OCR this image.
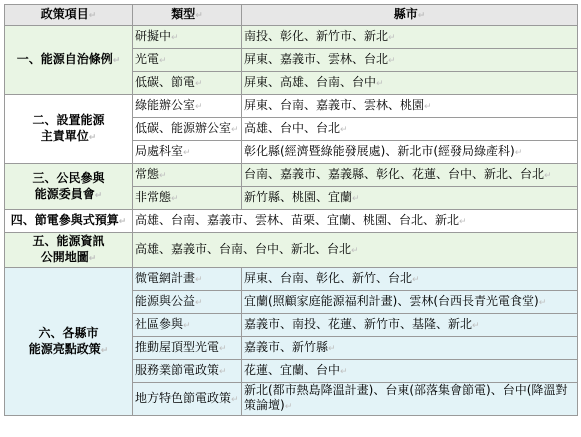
政策項目↵	類型↵	縣市↵
一、能源自治條例↵	研擬中↵	南投、彰化、新竹市、新北↵
	光電↵	屏東、嘉義市、雲林、台北↵
	低碳、節電↵	屏東、高雄、台南、台中↵
二、設置能源
主責單位↵	綠能辦公室↵	屏東、台南、嘉義市、雲林、桃園↵
	低碳、能源辦公室↵	高雄、台中、台北↵
	局處科室↵	彰化縣(經濟暨綠能發展處)、新北市(經發局綠產科)↵
三、公民參與
能源委員會↵	常態↵	台南、嘉義市、嘉義縣、彰化、花蓮、台中、新北、台北↵
	非常態↵	新竹縣、桃園、宜蘭↵
四、節電參與式預算↵	高雄、台南、嘉義市、雲林、苗栗、宜蘭、桃園、台北、新北↵	
五、能源資訊
公開地圖↵	高雄、嘉義市、台南、台中、新北、台北↵	
六、各縣市
能源亮點政策↵	微電網計畫↵	屏東、台南、彰化、新竹、台北↵
	能源與公益↵	宜蘭(照顧家庭能源福利計畫)、雲林(台西長青光電食堂)↵
	社區參與↵	嘉義市、南投、花蓮、新竹市、基隆、新北↵
	推動屋頂型光電↵	嘉義市、新竹縣↵
	服務業節電政策↵	花蓮、宜蘭、台中↵
	地方特色節電政策↵	新北(都市熱島降溫計畫)、台東(部落集會節電)、台中(降溫對策論壇)↵
